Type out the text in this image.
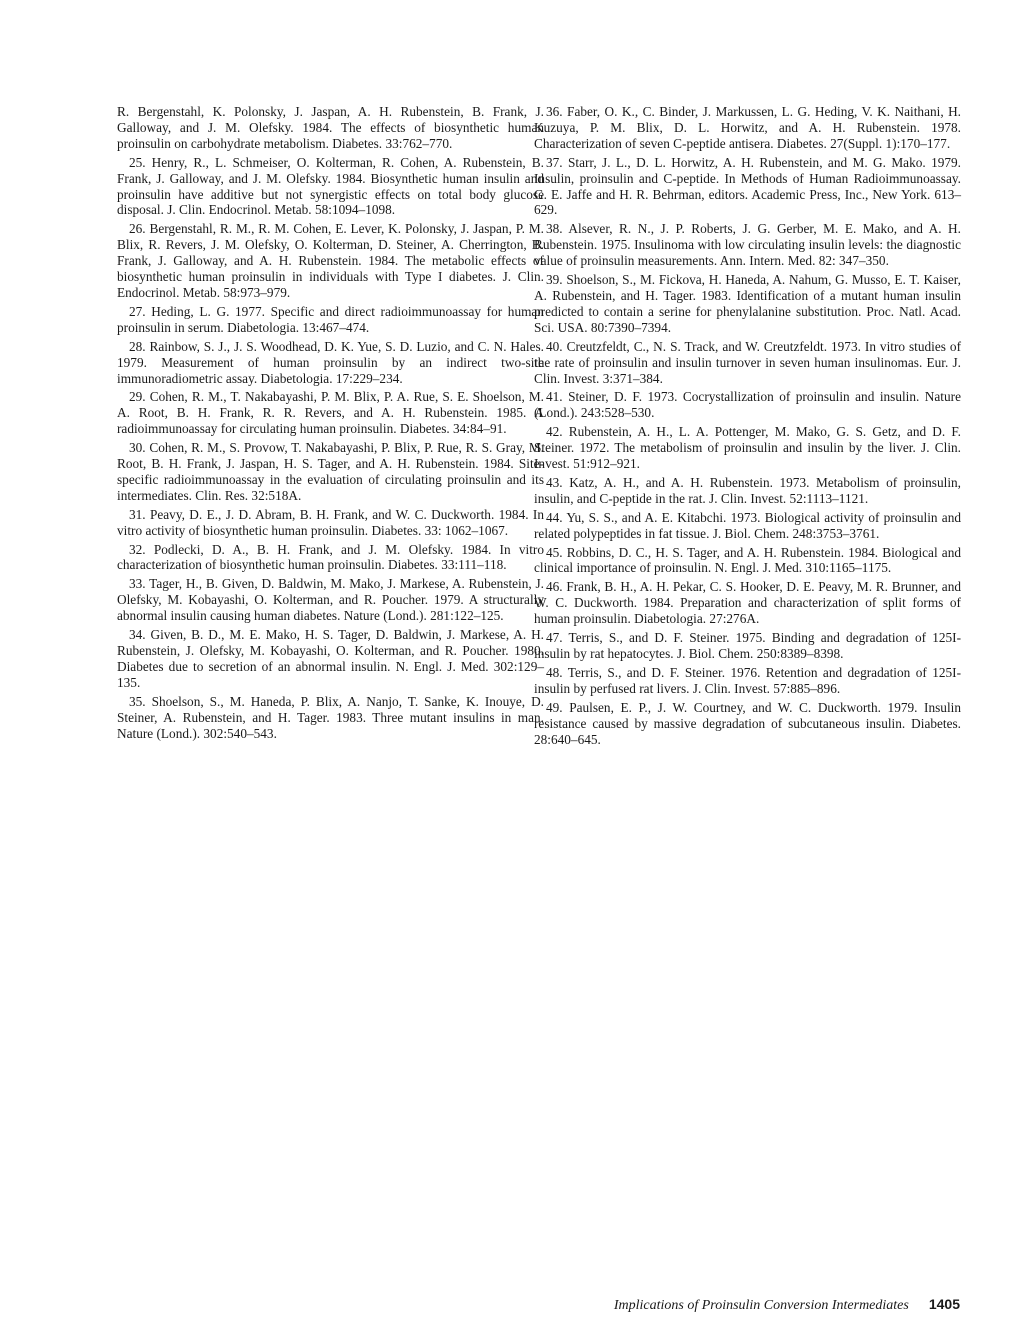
R. Bergenstahl, K. Polonsky, J. Jaspan, A. H. Rubenstein, B. Frank, J. Galloway, and J. M. Olefsky. 1984. The effects of biosynthetic human proinsulin on carbohydrate metabolism. Diabetes. 33:762–770.

25. Henry, R., L. Schmeiser, O. Kolterman, R. Cohen, A. Rubenstein, B. Frank, J. Galloway, and J. M. Olefsky. 1984. Biosynthetic human insulin and proinsulin have additive but not synergistic effects on total body glucose disposal. J. Clin. Endocrinol. Metab. 58:1094–1098.

26. Bergenstahl, R. M., R. M. Cohen, E. Lever, K. Polonsky, J. Jaspan, P. M. Blix, R. Revers, J. M. Olefsky, O. Kolterman, D. Steiner, A. Cherrington, B. Frank, J. Galloway, and A. H. Rubenstein. 1984. The metabolic effects of biosynthetic human proinsulin in individuals with Type I diabetes. J. Clin. Endocrinol. Metab. 58:973–979.

27. Heding, L. G. 1977. Specific and direct radioimmunoassay for human proinsulin in serum. Diabetologia. 13:467–474.

28. Rainbow, S. J., J. S. Woodhead, D. K. Yue, S. D. Luzio, and C. N. Hales. 1979. Measurement of human proinsulin by an indirect two-site immunoradiometric assay. Diabetologia. 17:229–234.

29. Cohen, R. M., T. Nakabayashi, P. M. Blix, P. A. Rue, S. E. Shoelson, M. A. Root, B. H. Frank, R. R. Revers, and A. H. Rubenstein. 1985. A radioimmunoassay for circulating human proinsulin. Diabetes. 34:84–91.

30. Cohen, R. M., S. Provow, T. Nakabayashi, P. Blix, P. Rue, R. S. Gray, M. Root, B. H. Frank, J. Jaspan, H. S. Tager, and A. H. Rubenstein. 1984. Site-specific radioimmunoassay in the evaluation of circulating proinsulin and its intermediates. Clin. Res. 32:518A.

31. Peavy, D. E., J. D. Abram, B. H. Frank, and W. C. Duckworth. 1984. In vitro activity of biosynthetic human proinsulin. Diabetes. 33: 1062–1067.

32. Podlecki, D. A., B. H. Frank, and J. M. Olefsky. 1984. In vitro characterization of biosynthetic human proinsulin. Diabetes. 33:111–118.

33. Tager, H., B. Given, D. Baldwin, M. Mako, J. Markese, A. Rubenstein, J. Olefsky, M. Kobayashi, O. Kolterman, and R. Poucher. 1979. A structurally abnormal insulin causing human diabetes. Nature (Lond.). 281:122–125.

34. Given, B. D., M. E. Mako, H. S. Tager, D. Baldwin, J. Markese, A. H. Rubenstein, J. Olefsky, M. Kobayashi, O. Kolterman, and R. Poucher. 1980. Diabetes due to secretion of an abnormal insulin. N. Engl. J. Med. 302:129–135.

35. Shoelson, S., M. Haneda, P. Blix, A. Nanjo, T. Sanke, K. Inouye, D. Steiner, A. Rubenstein, and H. Tager. 1983. Three mutant insulins in man. Nature (Lond.). 302:540–543.

36. Faber, O. K., C. Binder, J. Markussen, L. G. Heding, V. K. Naithani, H. Kuzuya, P. M. Blix, D. L. Horwitz, and A. H. Rubenstein. 1978. Characterization of seven C-peptide antisera. Diabetes. 27(Suppl. 1):170–177.

37. Starr, J. L., D. L. Horwitz, A. H. Rubenstein, and M. G. Mako. 1979. Insulin, proinsulin and C-peptide. In Methods of Human Radioimmunoassay. G. E. Jaffe and H. R. Behrman, editors. Academic Press, Inc., New York. 613–629.

38. Alsever, R. N., J. P. Roberts, J. G. Gerber, M. E. Mako, and A. H. Rubenstein. 1975. Insulinoma with low circulating insulin levels: the diagnostic value of proinsulin measurements. Ann. Intern. Med. 82: 347–350.

39. Shoelson, S., M. Fickova, H. Haneda, A. Nahum, G. Musso, E. T. Kaiser, A. Rubenstein, and H. Tager. 1983. Identification of a mutant human insulin predicted to contain a serine for phenylalanine substitution. Proc. Natl. Acad. Sci. USA. 80:7390–7394.

40. Creutzfeldt, C., N. S. Track, and W. Creutzfeldt. 1973. In vitro studies of the rate of proinsulin and insulin turnover in seven human insulinomas. Eur. J. Clin. Invest. 3:371–384.

41. Steiner, D. F. 1973. Cocrystallization of proinsulin and insulin. Nature (Lond.). 243:528–530.

42. Rubenstein, A. H., L. A. Pottenger, M. Mako, G. S. Getz, and D. F. Steiner. 1972. The metabolism of proinsulin and insulin by the liver. J. Clin. Invest. 51:912–921.

43. Katz, A. H., and A. H. Rubenstein. 1973. Metabolism of proinsulin, insulin, and C-peptide in the rat. J. Clin. Invest. 52:1113–1121.

44. Yu, S. S., and A. E. Kitabchi. 1973. Biological activity of proinsulin and related polypeptides in fat tissue. J. Biol. Chem. 248:3753–3761.

45. Robbins, D. C., H. S. Tager, and A. H. Rubenstein. 1984. Biological and clinical importance of proinsulin. N. Engl. J. Med. 310:1165–1175.

46. Frank, B. H., A. H. Pekar, C. S. Hooker, D. E. Peavy, M. R. Brunner, and W. C. Duckworth. 1984. Preparation and characterization of split forms of human proinsulin. Diabetologia. 27:276A.

47. Terris, S., and D. F. Steiner. 1975. Binding and degradation of 125I-insulin by rat hepatocytes. J. Biol. Chem. 250:8389–8398.

48. Terris, S., and D. F. Steiner. 1976. Retention and degradation of 125I-insulin by perfused rat livers. J. Clin. Invest. 57:885–896.

49. Paulsen, E. P., J. W. Courtney, and W. C. Duckworth. 1979. Insulin resistance caused by massive degradation of subcutaneous insulin. Diabetes. 28:640–645.

Implications of Proinsulin Conversion Intermediates 1405
